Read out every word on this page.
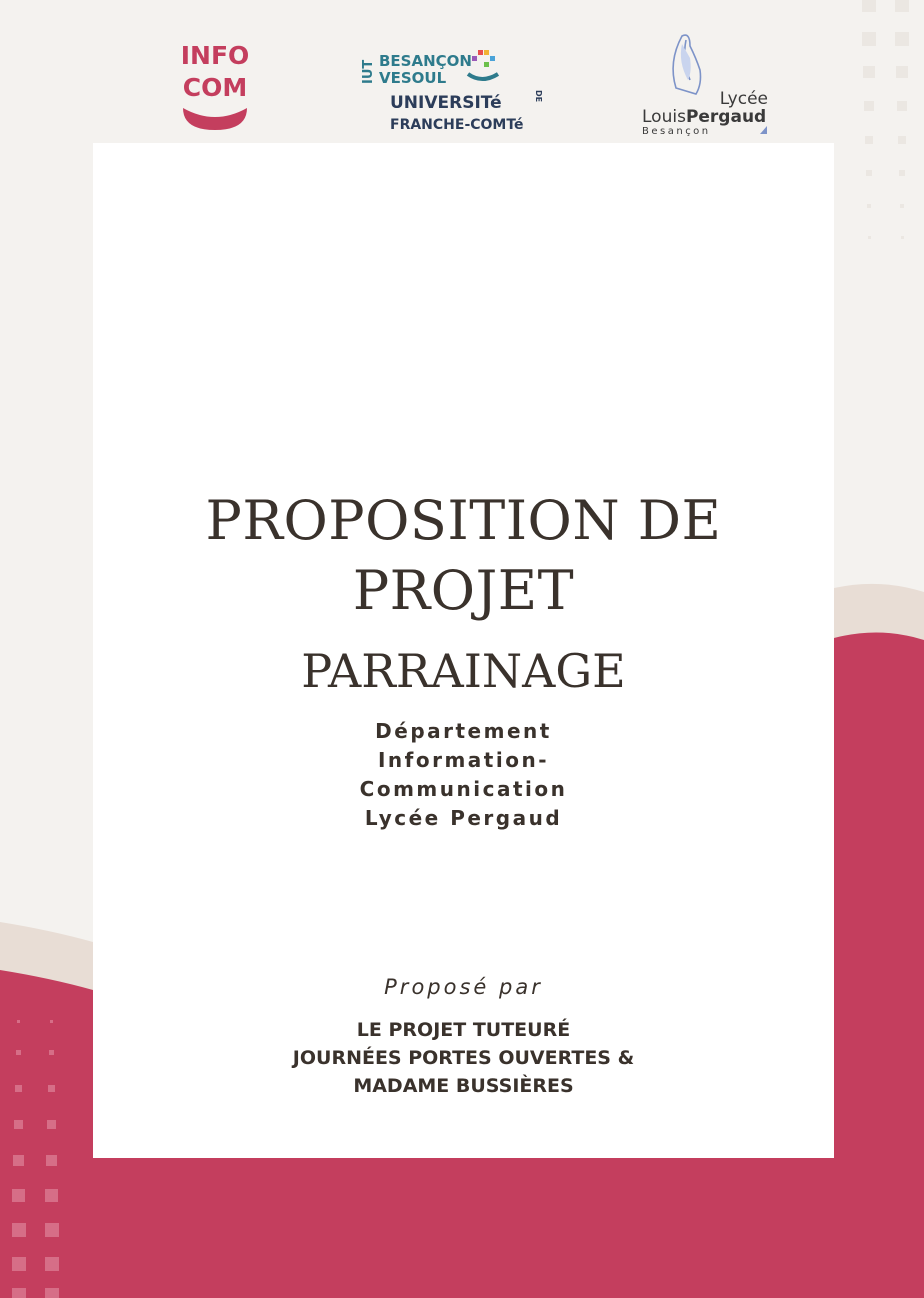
INFO
COM
IUT BESANÇON
VESOUL
UNIVERSITé	DE
FRANCHE-COMTé
Lycée
LouisPergaud
Besançon
PROPOSITION DE
PROJET
PARRAINAGE
Département
Information-
Communication
Lycée Pergaud
Proposé par
LE PROJET TUTEURÉ
JOURNÉES PORTES OUVERTES &
MADAME BUSSIÈRES
